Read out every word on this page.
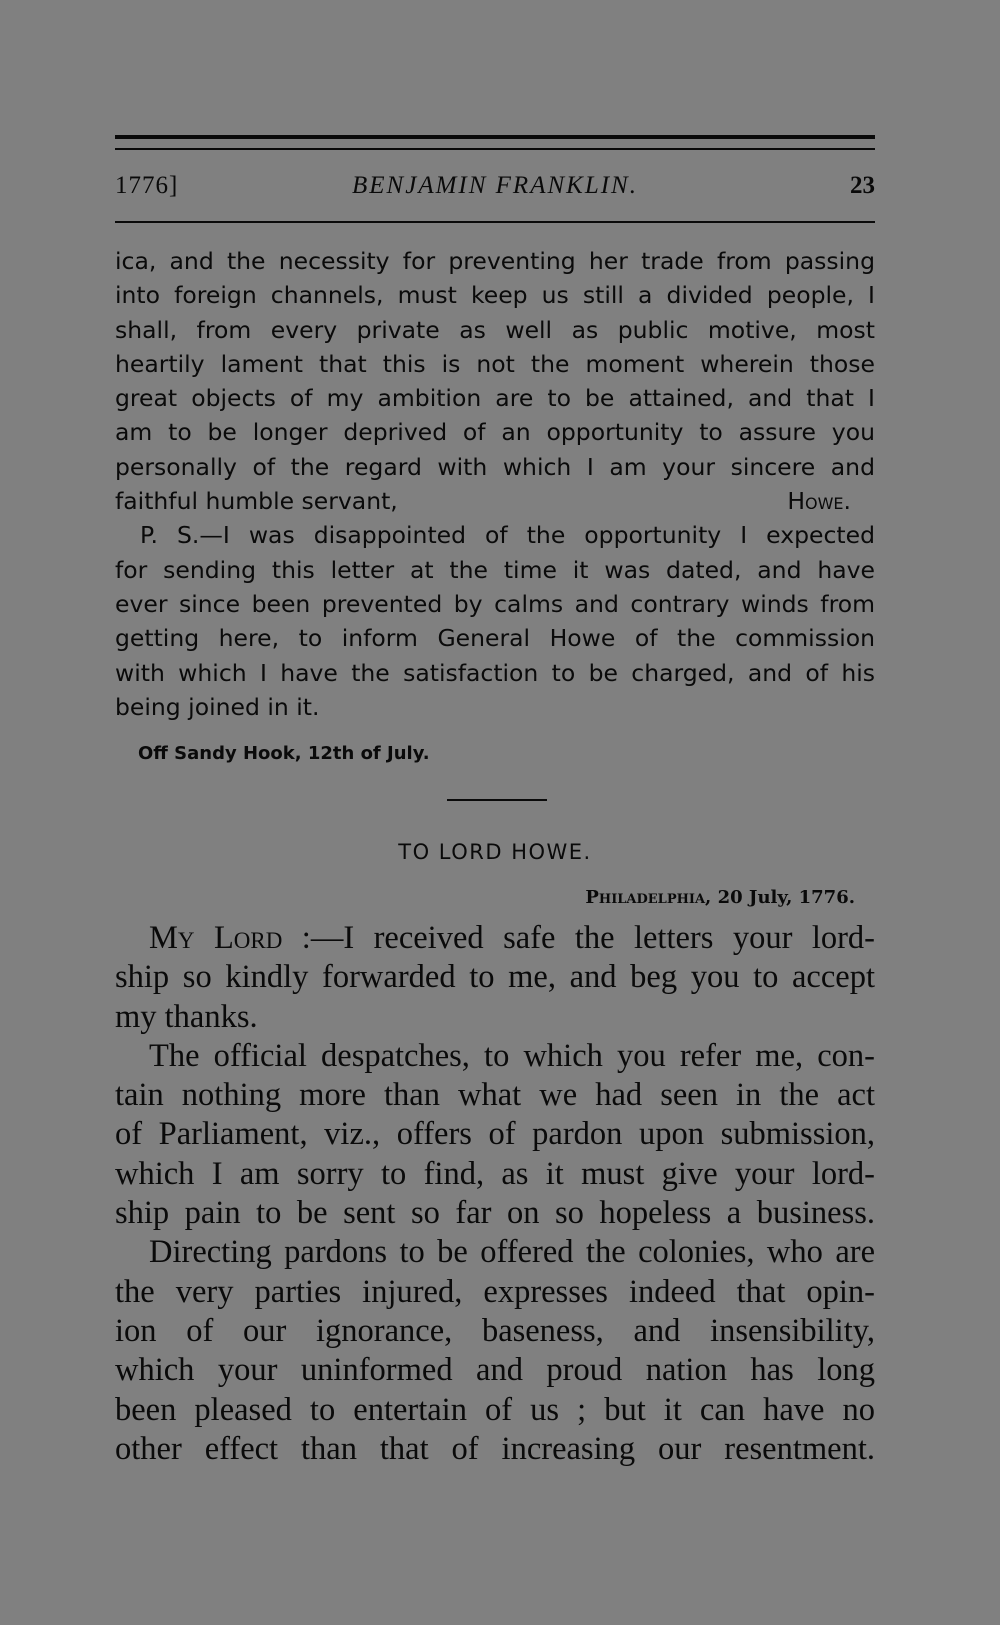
1776]	BENJAMIN FRANKLIN.	23

ica, and the necessity for preventing her trade from passing

into foreign channels, must keep us still a divided people, I

shall, from every private as well as public motive, most

heartily lament that this is not the moment wherein those

great objects of my ambition are to be attained, and that I

am to be longer deprived of an opportunity to assure you

personally of the regard with which I am your sincere and

faithful humble servant,	Howe.

P. S.—I was disappointed of the opportunity I expected

for sending this letter at the time it was dated, and have

ever since been prevented by calms and contrary winds from

getting here, to inform General Howe of the commission

with which I have the satisfaction to be charged, and of his

being joined in it.

Off Sandy Hook, 12th of July.
TO LORD HOWE.
Philadelphia, 20 July, 1776.

My Lord :—I received safe the letters your lord-

ship so kindly forwarded to me, and beg you to accept

my thanks.

The official despatches, to which you refer me, con-

tain nothing more than what we had seen in the act

of Parliament, viz., offers of pardon upon submission,

which I am sorry to find, as it must give your lord-

ship pain to be sent so far on so hopeless a business.

Directing pardons to be offered the colonies, who are

the very parties injured, expresses indeed that opin-

ion of our ignorance, baseness, and insensibility,

which your uninformed and proud nation has long

been pleased to entertain of us ; but it can have no

other effect than that of increasing our resentment.
